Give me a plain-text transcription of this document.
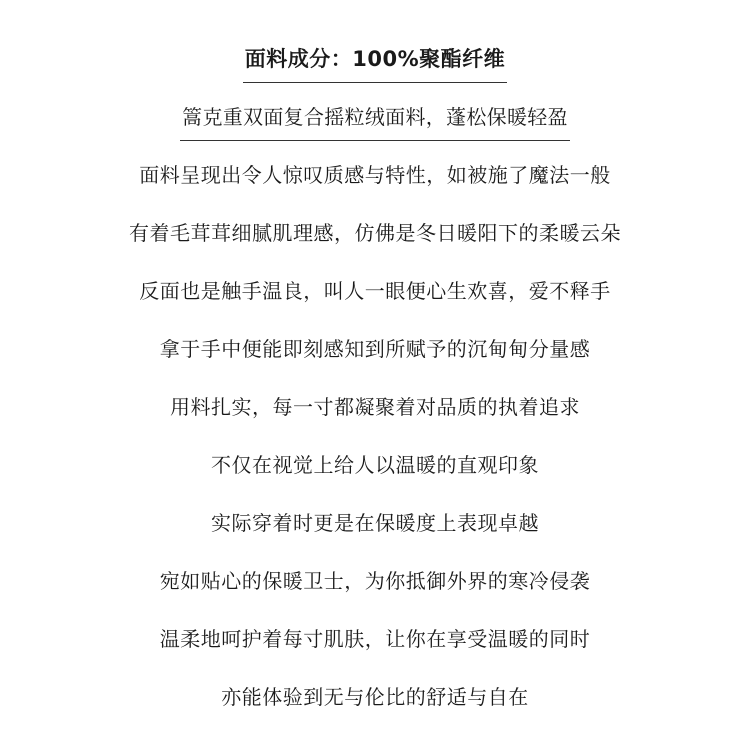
面料成分：100%聚酯纤维
篙克重双面复合摇粒绒面料，蓬松保暖轻盈
面料呈现出令人惊叹质感与特性，如被施了魔法一般
有着毛茸茸细腻肌理感，仿佛是冬日暖阳下的柔暖云朵
反面也是触手温良，叫人一眼便心生欢喜，爱不释手
拿于手中便能即刻感知到所赋予的沉甸甸分量感
用料扎实，每一寸都凝聚着对品质的执着追求
不仅在视觉上给人以温暖的直观印象
实际穿着时更是在保暖度上表现卓越
宛如贴心的保暖卫士，为你抵御外界的寒冷侵袭
温柔地呵护着每寸肌肤，让你在享受温暖的同时
亦能体验到无与伦比的舒适与自在
